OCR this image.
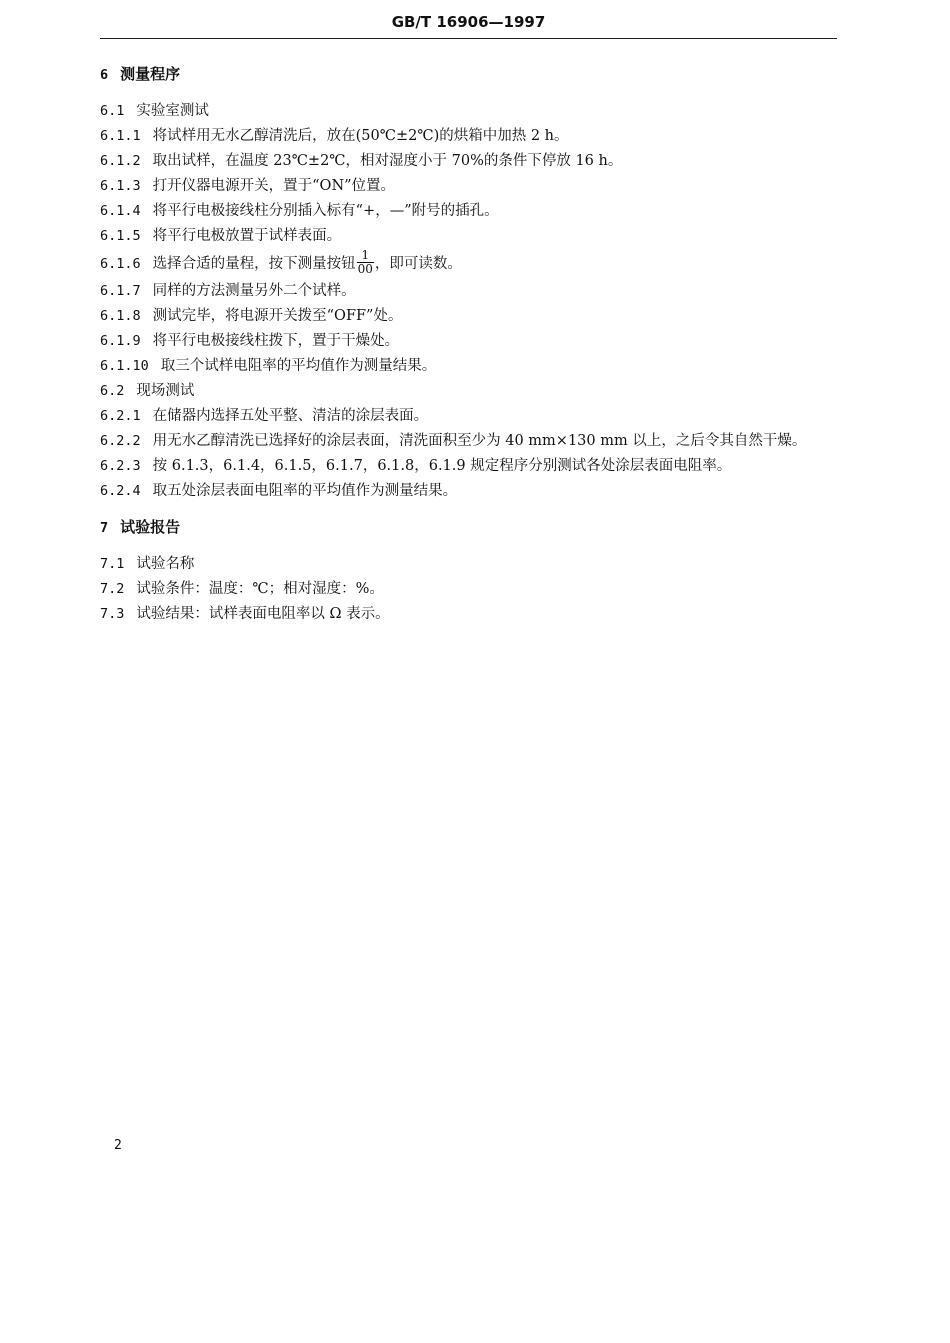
GB/T 16906—1997
6 测量程序
6.1 实验室测试
6.1.1 将试样用无水乙醇清洗后，放在(50℃±2℃)的烘箱中加热 2 h。
6.1.2 取出试样，在温度 23℃±2℃，相对湿度小于 70%的条件下停放 16 h。
6.1.3 打开仪器电源开关，置于“ON”位置。
6.1.4 将平行电极接线柱分别插入标有“+，—”附号的插孔。
6.1.5 将平行电极放置于试样表面。
6.1.6 选择合适的量程，按下测量按钮 $\frac{1}{00}$ ，即可读数。
6.1.7 同样的方法测量另外二个试样。
6.1.8 测试完毕，将电源开关拨至“OFF”处。
6.1.9 将平行电极接线柱拨下，置于干燥处。
6.1.10 取三个试样电阻率的平均值作为测量结果。
6.2 现场测试
6.2.1 在储器内选择五处平整、清洁的涂层表面。
6.2.2 用无水乙醇清洗已选择好的涂层表面，清洗面积至少为 40 mm×130 mm 以上，之后令其自然干燥。
6.2.3 按 6.1.3，6.1.4，6.1.5，6.1.7，6.1.8，6.1.9 规定程序分别测试各处涂层表面电阻率。
6.2.4 取五处涂层表面电阻率的平均值作为测量结果。
7 试验报告
7.1 试验名称
7.2 试验条件：温度：℃；相对湿度：%。
7.3 试验结果：试样表面电阻率以 Ω 表示。
2
